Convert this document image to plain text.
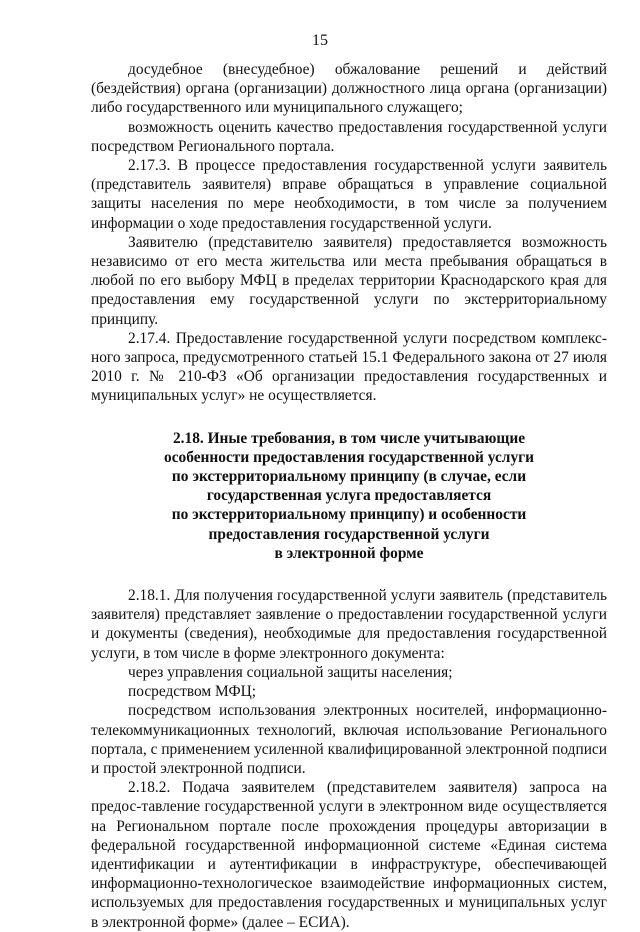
15

досудебное (внесудебное) обжалование решений и действий (бездействия) органа (организации) должностного лица органа (организации) либо государственного или муниципального служащего;

возможность оценить качество предоставления государственной услуги посредством Регионального портала.

2.17.3. В процессе предоставления государственной услуги заявитель (представитель заявителя) вправе обращаться в управление социальной защиты населения по мере необходимости, в том числе за получением информации о ходе предоставления государственной услуги.

Заявителю (представителю заявителя) предоставляется возможность независимо от его места жительства или места пребывания обращаться в любой по его выбору МФЦ в пределах территории Краснодарского края для предоставления ему государственной услуги по экстерриториальному принципу.

2.17.4. Предоставление государственной услуги посредством комплекс-ного запроса, предусмотренного статьей 15.1 Федерального закона от 27 июля 2010 г. № 210-ФЗ «Об организации предоставления государственных и муниципальных услуг» не осуществляется.

2.18. Иные требования, в том числе учитывающие
особенности предоставления государственной услуги
по экстерриториальному принципу (в случае, если
государственная услуга предоставляется
по экстерриториальному принципу) и особенности
предоставления государственной услуги
в электронной форме

2.18.1. Для получения государственной услуги заявитель (представитель заявителя) представляет заявление о предоставлении государственной услуги и документы (сведения), необходимые для предоставления государственной услуги, в том числе в форме электронного документа:

через управления социальной защиты населения;

посредством МФЦ;

посредством использования электронных носителей, информационно-телекоммуникационных технологий, включая использование Регионального портала, с применением усиленной квалифицированной электронной подписи и простой электронной подписи.

2.18.2. Подача заявителем (представителем заявителя) запроса на предос-тавление государственной услуги в электронном виде осуществляется на Региональном портале после прохождения процедуры авторизации в федеральной государственной информационной системе «Единая система идентификации и аутентификации в инфраструктуре, обеспечивающей информационно-технологическое взаимодействие информационных систем, используемых для предоставления государственных и муниципальных услуг в электронной форме» (далее – ЕСИА).
